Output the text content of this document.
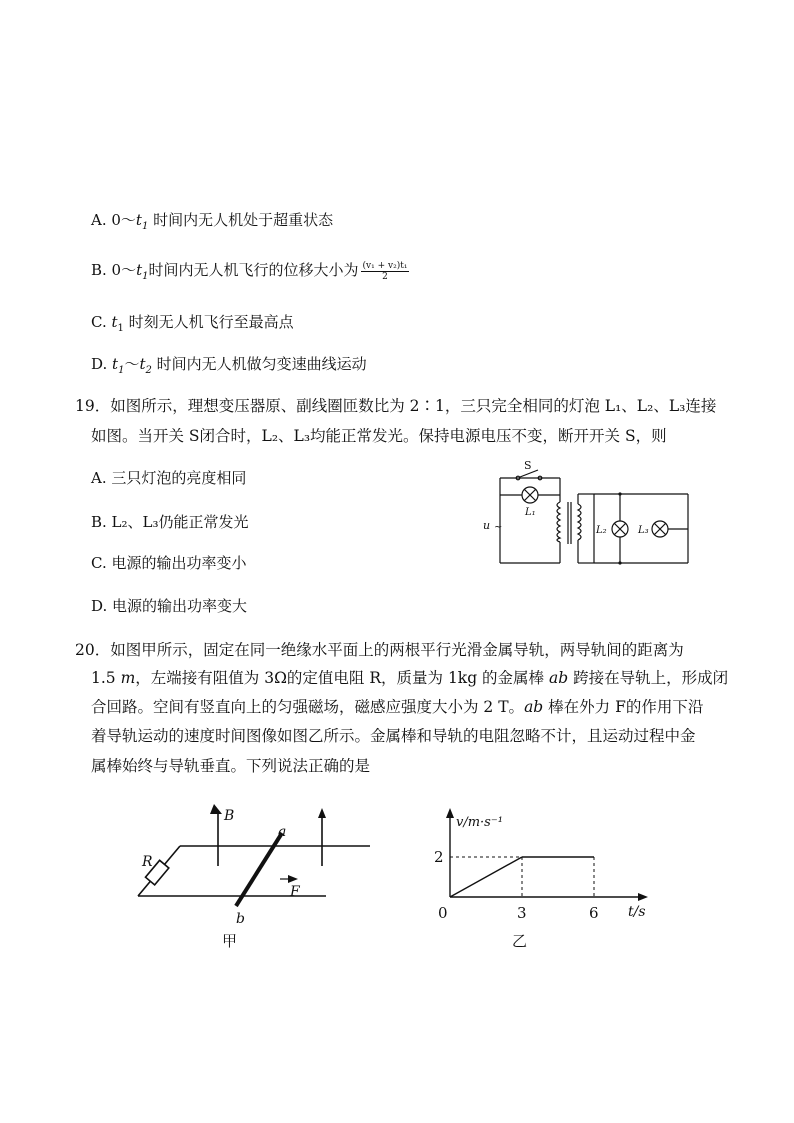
A. $0\sim t_1$ 时间内无人机处于超重状态
B. $0\sim t_1$时间内无人机飞行的位移大小为 $\frac{\text{(v₁ + v₂)t₁}}{2}$
C. $t_1$ 时刻无人机飞行至最高点
D. $t_1\sim t_2$ 时间内无人机做匀变速曲线运动
19．如图所示，理想变压器原、副线圈匝数比为 2∶1，三只完全相同的灯泡 L₁、L₂、L₃连接
如图。当开关 S闭合时，L₂、L₃均能正常发光。保持电源电压不变，断开开关 S，则
A. 三只灯泡的亮度相同
B. L₂、L₃仍能正常发光
C. 电源的输出功率变小
D. 电源的输出功率变大
S
L₁
L₂	L₃
u ~
20．如图甲所示，固定在同一绝缘水平面上的两根平行光滑金属导轨，两导轨间的距离为
1.5 m，左端接有阻值为 3Ω的定值电阻 R，质量为 1kg 的金属棒 ab 跨接在导轨上，形成闭
合回路。空间有竖直向上的匀强磁场，磁感应强度大小为 2 T。ab 棒在外力 F的作用下沿
着导轨运动的速度时间图像如图乙所示。金属棒和导轨的电阻忽略不计，且运动过程中金
属棒始终与导轨垂直。下列说法正确的是
B
R
a
b
F
甲
0	3	6
2
v/m·s⁻¹
t/s
乙
